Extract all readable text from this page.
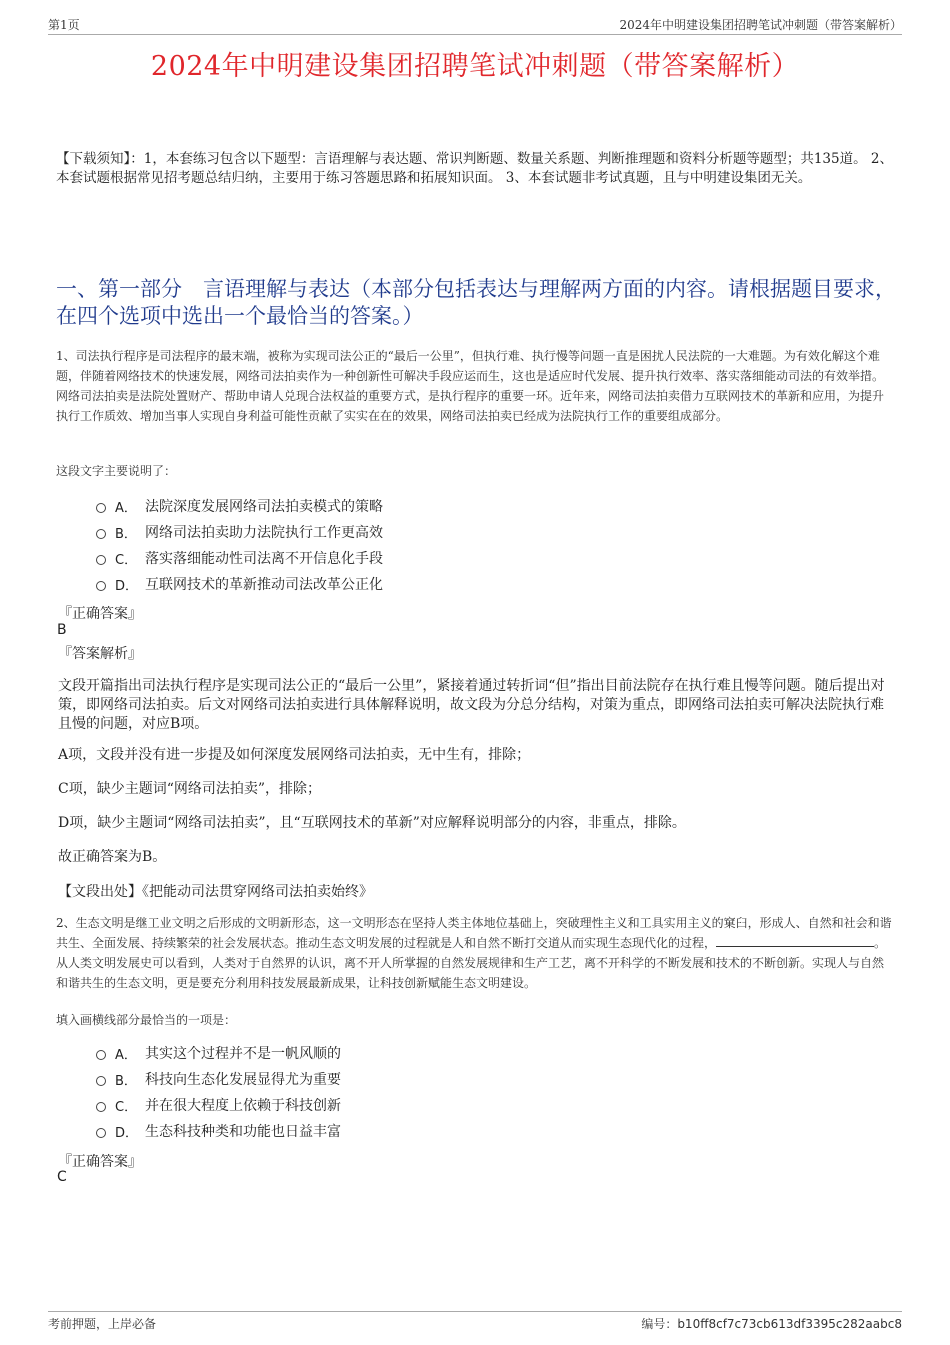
第1页	2024年中明建设集团招聘笔试冲刺题（带答案解析）
2024年中明建设集团招聘笔试冲刺题（带答案解析）
【下载须知】：1，本套练习包含以下题型：言语理解与表达题、常识判断题、数量关系题、判断推理题和资料分析题等题型；共135道。 2、本套试题根据常见招考题总结归纳，主要用于练习答题思路和拓展知识面。 3、本套试题非考试真题，且与中明建设集团无关。
一、第一部分　言语理解与表达（本部分包括表达与理解两方面的内容。请根据题目要求，在四个选项中选出一个最恰当的答案。）
1、司法执行程序是司法程序的最末端，被称为实现司法公正的“最后一公里”，但执行难、执行慢等问题一直是困扰人民法院的一大难题。为有效化解这个难题，伴随着网络技术的快速发展，网络司法拍卖作为一种创新性可解决手段应运而生，这也是适应时代发展、提升执行效率、落实落细能动司法的有效举措。网络司法拍卖是法院处置财产、帮助申请人兑现合法权益的重要方式，是执行程序的重要一环。近年来，网络司法拍卖借力互联网技术的革新和应用，为提升执行工作质效、增加当事人实现自身利益可能性贡献了实实在在的效果，网络司法拍卖已经成为法院执行工作的重要组成部分。
这段文字主要说明了：
A． 法院深度发展网络司法拍卖模式的策略
B． 网络司法拍卖助力法院执行工作更高效
C． 落实落细能动性司法离不开信息化手段
D． 互联网技术的革新推动司法改革公正化
『正确答案』
B
『答案解析』
文段开篇指出司法执行程序是实现司法公正的“最后一公里”，紧接着通过转折词“但”指出目前法院存在执行难且慢等问题。随后提出对策，即网络司法拍卖。后文对网络司法拍卖进行具体解释说明，故文段为分总分结构，对策为重点，即网络司法拍卖可解决法院执行难且慢的问题，对应B项。
A项，文段并没有进一步提及如何深度发展网络司法拍卖，无中生有，排除；
C项，缺少主题词“网络司法拍卖”，排除；
D项，缺少主题词“网络司法拍卖”，且“互联网技术的革新”对应解释说明部分的内容，非重点，排除。
故正确答案为B。
【文段出处】《把能动司法贯穿网络司法拍卖始终》
2、生态文明是继工业文明之后形成的文明新形态，这一文明形态在坚持人类主体地位基础上，突破理性主义和工具实用主义的窠臼，形成人、自然和社会和谐共生、全面发展、持续繁荣的社会发展状态。推动生态文明发展的过程就是人和自然不断打交道从而实现生态现代化的过程，	。从人类文明发展史可以看到，人类对于自然界的认识，离不开人所掌握的自然发展规律和生产工艺，离不开科学的不断发展和技术的不断创新。实现人与自然和谐共生的生态文明，更是要充分利用科技发展最新成果，让科技创新赋能生态文明建设。
填入画横线部分最恰当的一项是：
A． 其实这个过程并不是一帆风顺的
B． 科技向生态化发展显得尤为重要
C． 并在很大程度上依赖于科技创新
D． 生态科技种类和功能也日益丰富
『正确答案』
C
考前押题，上岸必备	编号：b10ff8cf7c73cb613df3395c282aabc8
